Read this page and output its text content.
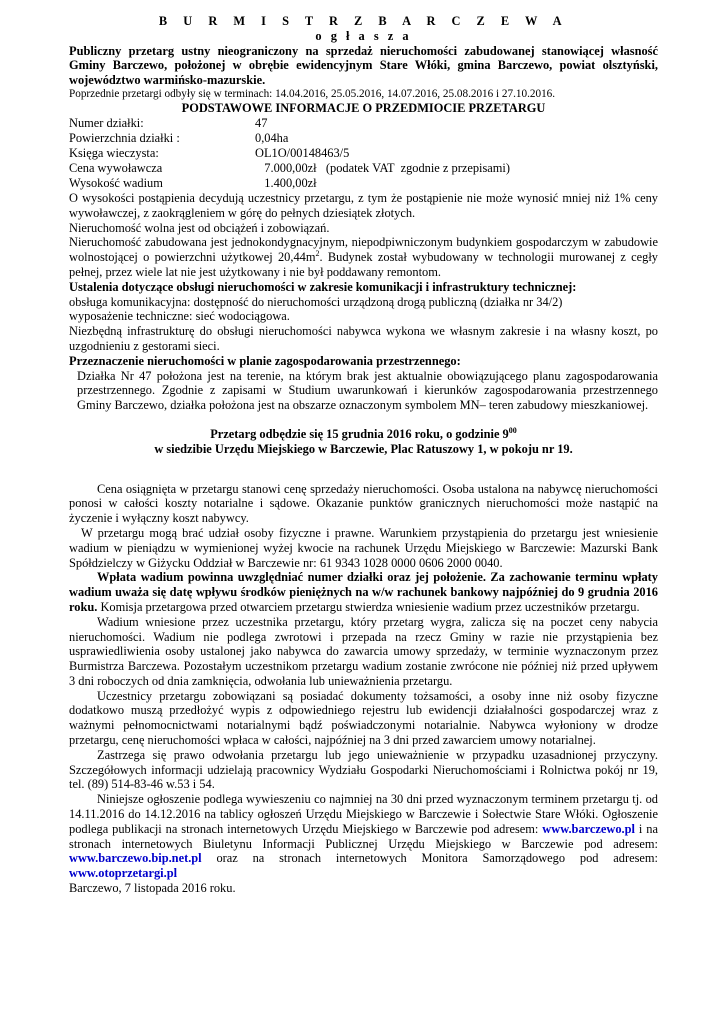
B U R M I S T R Z B A R C Z E W A

o g ł a s z a

Publiczny przetarg ustny nieograniczony na sprzedaż nieruchomości zabudowanej stanowiącej własność Gminy Barczewo, położonej w obrębie ewidencyjnym Stare Włóki, gmina Barczewo, powiat olsztyński, województwo warmińsko-mazurskie.

Poprzednie przetargi odbyły się w terminach: 14.04.2016, 25.05.2016, 14.07.2016, 25.08.2016 i 27.10.2016.

PODSTAWOWE INFORMACJE O PRZEDMIOCIE PRZETARGU

Numer działki:	47
Powierzchnia działki :	0,04ha
Księga wieczysta:	OL1O/00148463/5
Cena wywoławcza	7.000,00zł   (podatek VAT  zgodnie z przepisami)
Wysokość wadium	1.400,00zł

O wysokości postąpienia decydują uczestnicy przetargu, z tym że postąpienie nie może wynosić mniej niż 1% ceny wywoławczej, z zaokrągleniem w górę do pełnych dziesiątek złotych.

Nieruchomość wolna jest od obciążeń i zobowiązań.

Nieruchomość zabudowana jest jednokondygnacyjnym, niepodpiwniczonym budynkiem gospodarczym w zabudowie wolnostojącej o powierzchni użytkowej $20,44m^2$. Budynek został wybudowany w technologii murowanej z cegły pełnej, przez wiele lat nie jest użytkowany i nie był poddawany remontom.

Ustalenia dotyczące obsługi nieruchomości w zakresie komunikacji i infrastruktury technicznej:

obsługa komunikacyjna: dostępność do nieruchomości urządzoną drogą publiczną (działka nr 34/2)

wyposażenie techniczne: sieć wodociągowa.

Niezbędną infrastrukturę do obsługi nieruchomości nabywca wykona we własnym zakresie i na własny koszt, po uzgodnieniu z gestorami sieci.

Przeznaczenie nieruchomości w planie zagospodarowania przestrzennego:

Działka Nr 47 położona jest na terenie, na którym brak jest aktualnie obowiązującego planu zagospodarowania przestrzennego. Zgodnie z zapisami w Studium uwarunkowań i kierunków zagospodarowania przestrzennego Gminy Barczewo, działka położona jest na obszarze oznaczonym symbolem MN– teren zabudowy mieszkaniowej.

Przetarg odbędzie się 15 grudnia 2016 roku, o godzinie $9^{00}$

w siedzibie Urzędu Miejskiego w Barczewie, Plac Ratuszowy 1, w pokoju nr 19.

Cena osiągnięta w przetargu stanowi cenę sprzedaży nieruchomości. Osoba ustalona na nabywcę nieruchomości ponosi w całości koszty notarialne i sądowe. Okazanie punktów granicznych nieruchomości może nastąpić na życzenie i wyłączny koszt nabywcy.

W przetargu mogą brać udział osoby fizyczne i prawne. Warunkiem przystąpienia do przetargu jest wniesienie wadium w pieniądzu w wymienionej wyżej kwocie na rachunek Urzędu Miejskiego w Barczewie: Mazurski Bank Spółdzielczy w Giżycku Oddział w Barczewie nr: 61 9343 1028 0000 0606 2000 0040.

Wpłata wadium powinna uwzględniać numer działki oraz jej położenie. Za zachowanie terminu wpłaty wadium uważa się datę wpływu środków pieniężnych na w/w rachunek bankowy najpóźniej do 9 grudnia 2016 roku. Komisja przetargowa przed otwarciem przetargu stwierdza wniesienie wadium przez uczestników przetargu.

Wadium wniesione przez uczestnika przetargu, który przetarg wygra, zalicza się na poczet ceny nabycia nieruchomości. Wadium nie podlega zwrotowi i przepada na rzecz Gminy w razie nie przystąpienia bez usprawiedliwienia osoby ustalonej jako nabywca do zawarcia umowy sprzedaży, w terminie wyznaczonym przez Burmistrza Barczewa. Pozostałym uczestnikom przetargu wadium zostanie zwrócone nie później niż przed upływem 3 dni roboczych od dnia zamknięcia, odwołania lub unieważnienia przetargu.

Uczestnicy przetargu zobowiązani są posiadać dokumenty tożsamości, a osoby inne niż osoby fizyczne dodatkowo muszą przedłożyć wypis z odpowiedniego rejestru lub ewidencji działalności gospodarczej wraz z ważnymi pełnomocnictwami notarialnymi bądź poświadczonymi notarialnie. Nabywca wyłoniony w drodze przetargu, cenę nieruchomości wpłaca w całości, najpóźniej na 3 dni przed zawarciem umowy notarialnej.

Zastrzega się prawo odwołania przetargu lub jego unieważnienie w przypadku uzasadnionej przyczyny. Szczegółowych informacji udzielają pracownicy Wydziału Gospodarki Nieruchomościami i Rolnictwa pokój nr 19, tel. (89) 514-83-46 w.53 i 54.

Niniejsze ogłoszenie podlega wywieszeniu co najmniej na 30 dni przed wyznaczonym terminem przetargu tj. od 14.11.2016 do 14.12.2016 na tablicy ogłoszeń Urzędu Miejskiego w Barczewie i Sołectwie Stare Włóki. Ogłoszenie podlega publikacji na stronach internetowych Urzędu Miejskiego w Barczewie pod adresem: www.barczewo.pl i na stronach internetowych Biuletynu Informacji Publicznej Urzędu Miejskiego w Barczewie pod adresem: www.barczewo.bip.net.pl oraz na stronach internetowych Monitora Samorządowego pod adresem: www.otoprzetargi.pl

Barczewo, 7 listopada 2016 roku.
